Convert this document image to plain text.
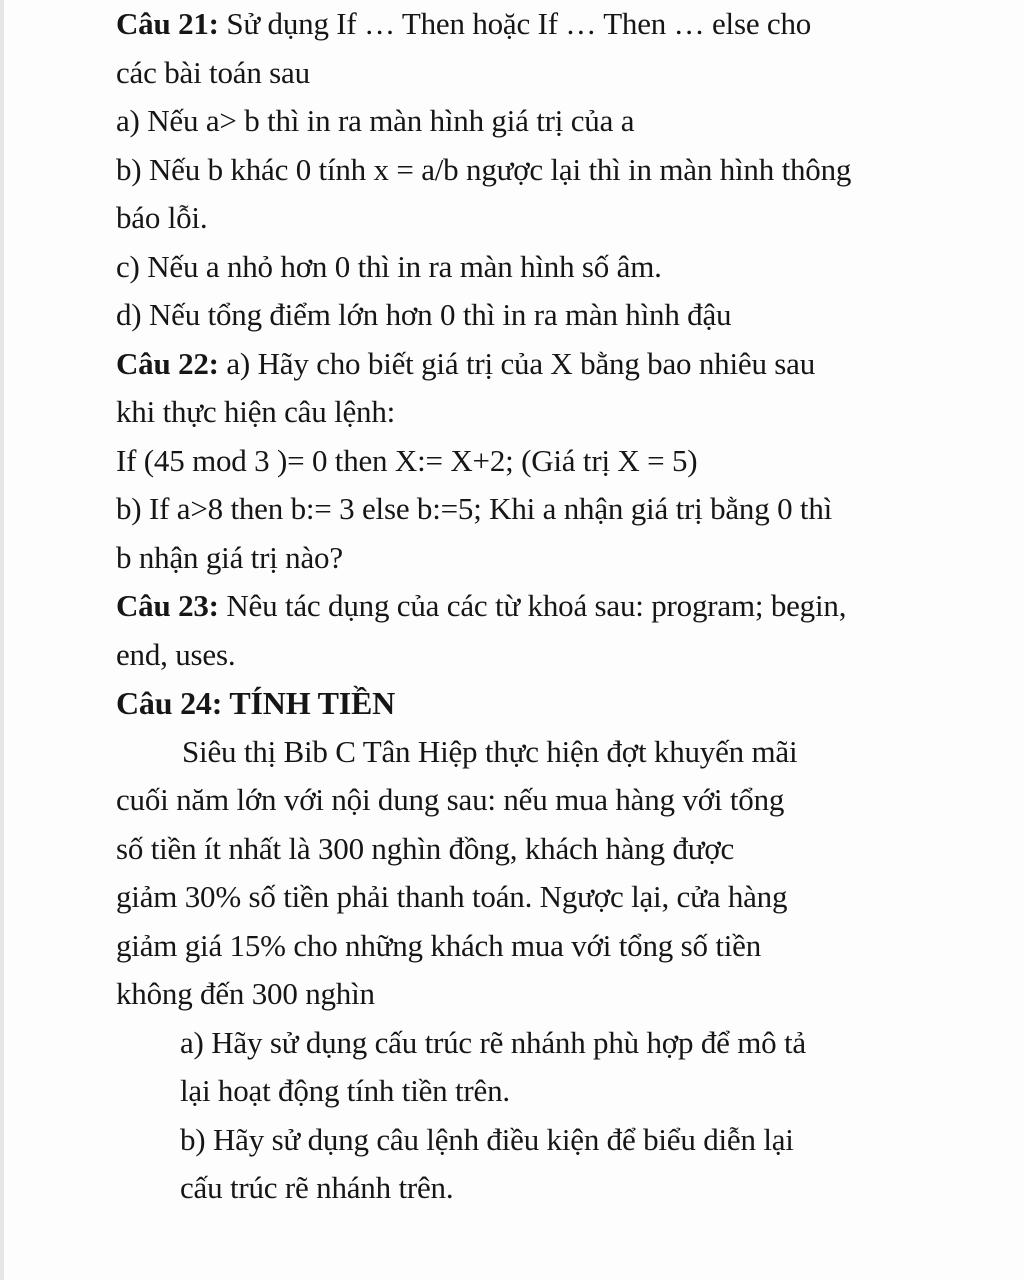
Câu 21: Sử dụng If … Then hoặc If … Then … else cho
các bài toán sau
a) Nếu a> b thì in ra màn hình giá trị của a
b) Nếu b khác 0 tính x = a/b ngược lại thì in màn hình thông
báo lỗi.
c) Nếu a nhỏ hơn 0 thì in ra màn hình số âm.
d) Nếu tổng điểm lớn hơn 0 thì in ra màn hình đậu
Câu 22: a) Hãy cho biết giá trị của X bằng bao nhiêu sau
khi thực hiện câu lệnh:
If (45 mod 3 )= 0 then X:= X+2; (Giá trị X = 5)
b) If a>8 then b:= 3 else b:=5; Khi a nhận giá trị bằng 0 thì
b nhận giá trị nào?
Câu 23: Nêu tác dụng của các từ khoá sau: program; begin,
end, uses.
Câu 24: TÍNH TIỀN
Siêu thị Bib C Tân Hiệp thực hiện đợt khuyến mãi
cuối năm lớn với nội dung sau: nếu mua hàng với tổng
số tiền ít nhất là 300 nghìn đồng, khách hàng được
giảm 30% số tiền phải thanh toán. Ngược lại, cửa hàng
giảm giá 15% cho những khách mua với tổng số tiền
không đến 300 nghìn
a) Hãy sử dụng cấu trúc rẽ nhánh phù hợp để mô tả
lại hoạt động tính tiền trên.
b) Hãy sử dụng câu lệnh điều kiện để biểu diễn lại
cấu trúc rẽ nhánh trên.
